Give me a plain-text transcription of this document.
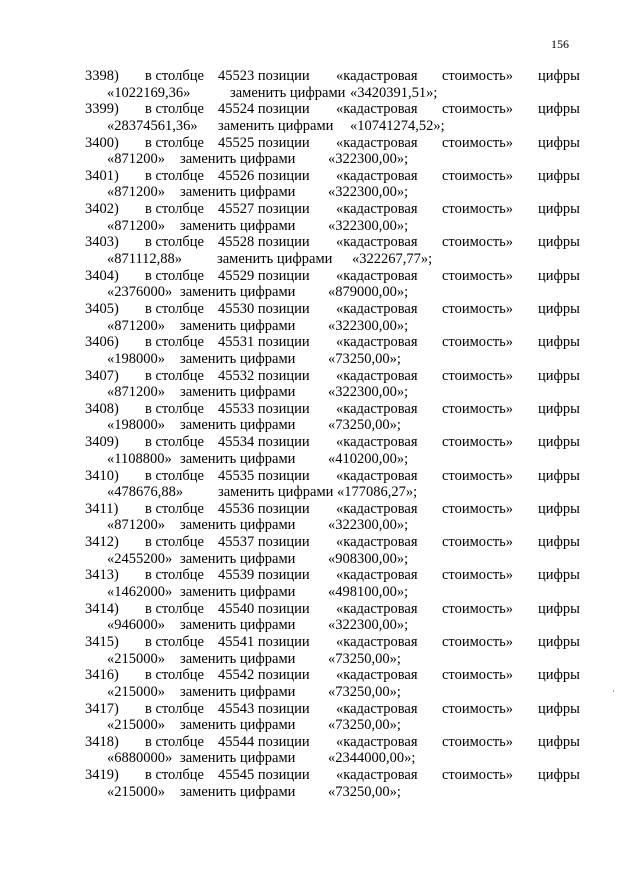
156
3398) в столбце 45523 позиции «кадастровая стоимость» цифры
«1022169,36»	заменить цифрами «3420391,51»;
3399) в столбце 45524 позиции «кадастровая стоимость» цифры
«28374561,36» заменить цифрами «10741274,52»;
3400) в столбце 45525 позиции «кадастровая стоимость» цифры
«871200» заменить цифрами «322300,00»;
3401) в столбце 45526 позиции «кадастровая стоимость» цифры
«871200» заменить цифрами «322300,00»;
3402) в столбце 45527 позиции «кадастровая стоимость» цифры
«871200» заменить цифрами «322300,00»;
3403) в столбце 45528 позиции «кадастровая стоимость» цифры
«871112,88» заменить цифрами «322267,77»;
3404) в столбце 45529 позиции «кадастровая стоимость» цифры
«2376000» заменить цифрами «879000,00»;
3405) в столбце 45530 позиции «кадастровая стоимость» цифры
«871200» заменить цифрами «322300,00»;
3406) в столбце 45531 позиции «кадастровая стоимость» цифры
«198000» заменить цифрами «73250,00»;
3407) в столбце 45532 позиции «кадастровая стоимость» цифры
«871200» заменить цифрами «322300,00»;
3408) в столбце 45533 позиции «кадастровая стоимость» цифры
«198000» заменить цифрами «73250,00»;
3409) в столбце 45534 позиции «кадастровая стоимость» цифры
«1108800» заменить цифрами «410200,00»;
3410) в столбце 45535 позиции «кадастровая стоимость» цифры
«478676,88» заменить цифрами «177086,27»;
3411) в столбце 45536 позиции «кадастровая стоимость» цифры
«871200» заменить цифрами «322300,00»;
3412) в столбце 45537 позиции «кадастровая стоимость» цифры
«2455200» заменить цифрами «908300,00»;
3413) в столбце 45539 позиции «кадастровая стоимость» цифры
«1462000» заменить цифрами «498100,00»;
3414) в столбце 45540 позиции «кадастровая стоимость» цифры
«946000» заменить цифрами «322300,00»;
3415) в столбце 45541 позиции «кадастровая стоимость» цифры
«215000» заменить цифрами «73250,00»;
3416) в столбце 45542 позиции «кадастровая стоимость» цифры
«215000» заменить цифрами «73250,00»;
3417) в столбце 45543 позиции «кадастровая стоимость» цифры
«215000» заменить цифрами «73250,00»;
3418) в столбце 45544 позиции «кадастровая стоимость» цифры
«6880000» заменить цифрами «2344000,00»;
3419) в столбце 45545 позиции «кадастровая стоимость» цифры
«215000» заменить цифрами «73250,00»;
·
